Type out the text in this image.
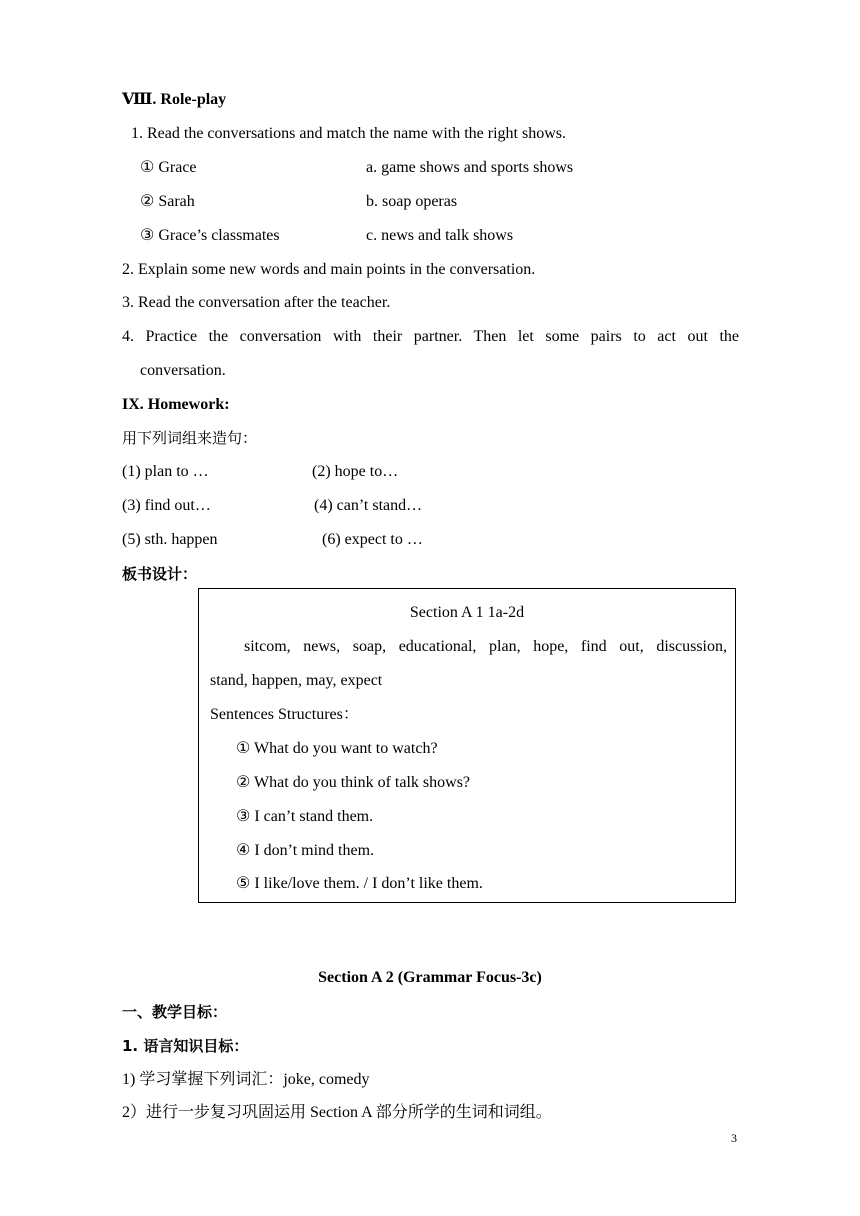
Ⅷ. Role-play
1. Read the conversations and match the name with the right shows.
① Grace	a. game shows and sports shows
② Sarah	b. soap operas
③ Grace’s classmates	c. news and talk shows
2. Explain some new words and main points in the conversation.
3. Read the conversation after the teacher.
4. Practice the conversation with their partner. Then let some pairs to act out the
conversation.
IX. Homework:
用下列词组来造句：
(1) plan to …	(2) hope to…
(3) find out…	(4) can’t stand…
(5) sth. happen	(6) expect to …
板书设计：
Section A 1 1a-2d
sitcom, news, soap, educational, plan, hope, find out, discussion,
stand, happen, may, expect
Sentences Structures：
① What do you want to watch?
② What do you think of talk shows?
③ I can’t stand them.
④ I don’t mind them.
⑤ I like/love them. / I don’t like them.
Section A 2 (Grammar Focus-3c)
一、教学目标：
1. 语言知识目标：
1) 学习掌握下列词汇：joke, comedy
2）进行一步复习巩固运用 Section A 部分所学的生词和词组。
3
